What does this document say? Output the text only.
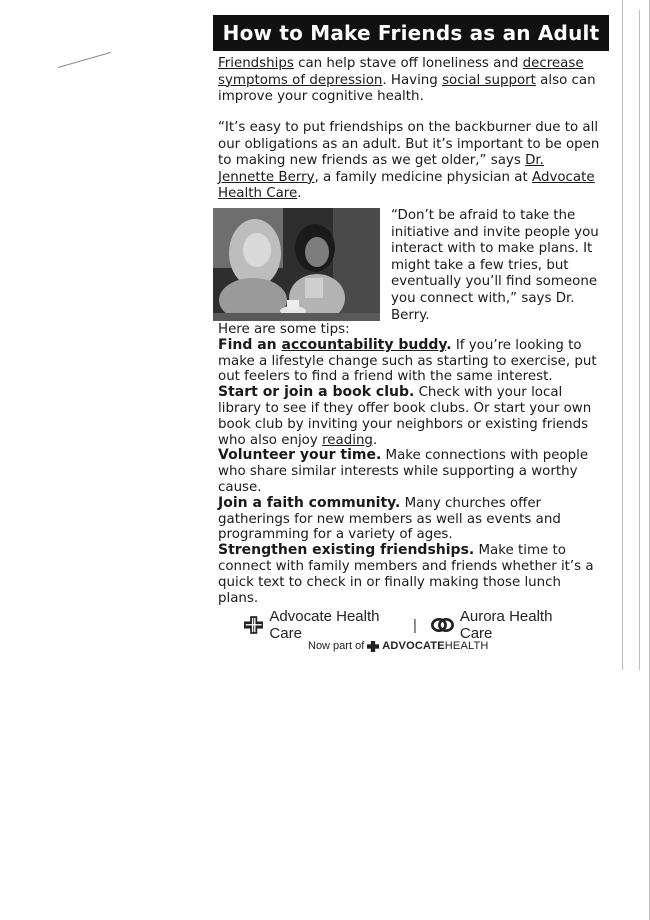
How to Make Friends as an Adult

Friendships can help stave off loneliness and decrease symptoms of depression. Having social support also can improve your cognitive health.

“It’s easy to put friendships on the backburner due to all our obligations as an adult. But it’s important to be open to making new friends as we get older,” says Dr. Jennette Berry, a family medicine physician at Advocate Health Care.

“Don’t be afraid to take the initiative and invite people you interact with to make plans. It might take a few tries, but eventually you’ll find someone you connect with,” says Dr. Berry.

Here are some tips:

Find an accountability buddy. If you’re looking to make a lifestyle change such as starting to exercise, put out feelers to find a friend with the same interest.

Start or join a book club. Check with your local library to see if they offer book clubs. Or start your own book club by inviting your neighbors or existing friends who also enjoy reading.

Volunteer your time. Make connections with people who share similar interests while supporting a worthy cause.

Join a faith community. Many churches offer gatherings for new members as well as events and programming for a variety of ages.

Strengthen existing friendships. Make time to connect with family members and friends whether it’s a quick text to check in or finally making those lunch plans.

Advocate Health Care	|	Aurora Health Care
Now part of ADVOCATEHEALTH
